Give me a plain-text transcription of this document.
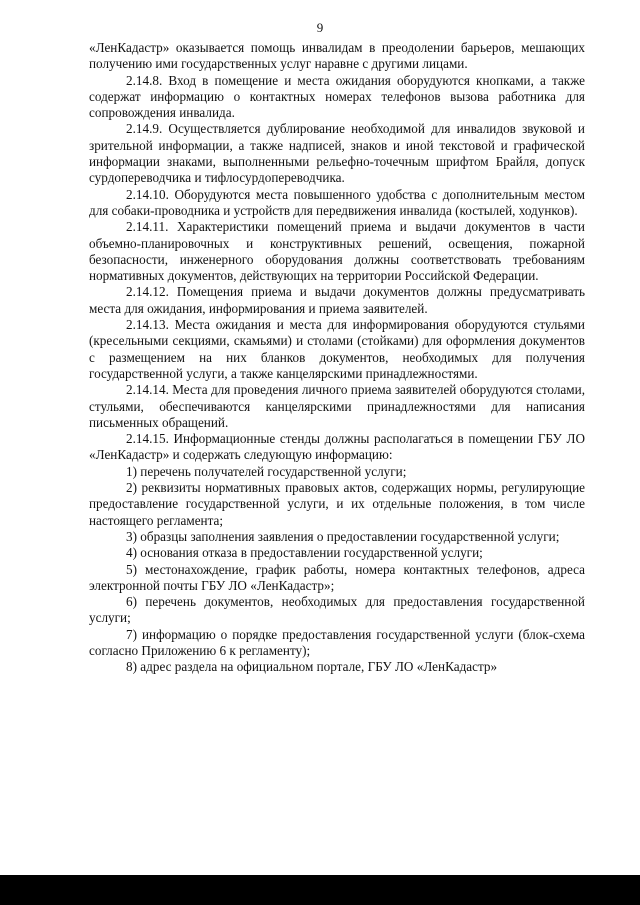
9

«ЛенКадастр» оказывается помощь инвалидам в преодолении барьеров, мешающих получению ими государственных услуг наравне с другими лицами.

2.14.8. Вход в помещение и места ожидания оборудуются кнопками, а также содержат информацию о контактных номерах телефонов вызова работника для сопровождения инвалида.

2.14.9. Осуществляется дублирование необходимой для инвалидов звуковой и зрительной информации, а также надписей, знаков и иной текстовой и графической информации знаками, выполненными рельефно-точечным шрифтом Брайля, допуск сурдопереводчика и тифлосурдопереводчика.

2.14.10. Оборудуются места повышенного удобства с дополнительным местом для собаки-проводника и устройств для передвижения инвалида (костылей, ходунков).

2.14.11. Характеристики помещений приема и выдачи документов в части объемно-планировочных и конструктивных решений, освещения, пожарной безопасности, инженерного оборудования должны соответствовать требованиям нормативных документов, действующих на территории Российской Федерации.

2.14.12. Помещения приема и выдачи документов должны предусматривать места для ожидания, информирования и приема заявителей.

2.14.13. Места ожидания и места для информирования оборудуются стульями (кресельными секциями, скамьями) и столами (стойками) для оформления документов с размещением на них бланков документов, необходимых для получения государственной услуги, а также канцелярскими принадлежностями.

2.14.14. Места для проведения личного приема заявителей оборудуются столами, стульями, обеспечиваются канцелярскими принадлежностями для написания письменных обращений.

2.14.15. Информационные стенды должны располагаться в помещении ГБУ ЛО «ЛенКадастр» и содержать следующую информацию:

1) перечень получателей государственной услуги;

2) реквизиты нормативных правовых актов, содержащих нормы, регулирующие предоставление государственной услуги, и их отдельные положения, в том числе настоящего регламента;

3) образцы заполнения заявления о предоставлении государственной услуги;

4) основания отказа в предоставлении государственной услуги;

5) местонахождение, график работы, номера контактных телефонов, адреса электронной почты ГБУ ЛО «ЛенКадастр»;

6) перечень документов, необходимых для предоставления государственной услуги;

7) информацию о порядке предоставления государственной услуги (блок-схема согласно Приложению 6 к регламенту);

8) адрес раздела на официальном портале, ГБУ ЛО «ЛенКадастр»
